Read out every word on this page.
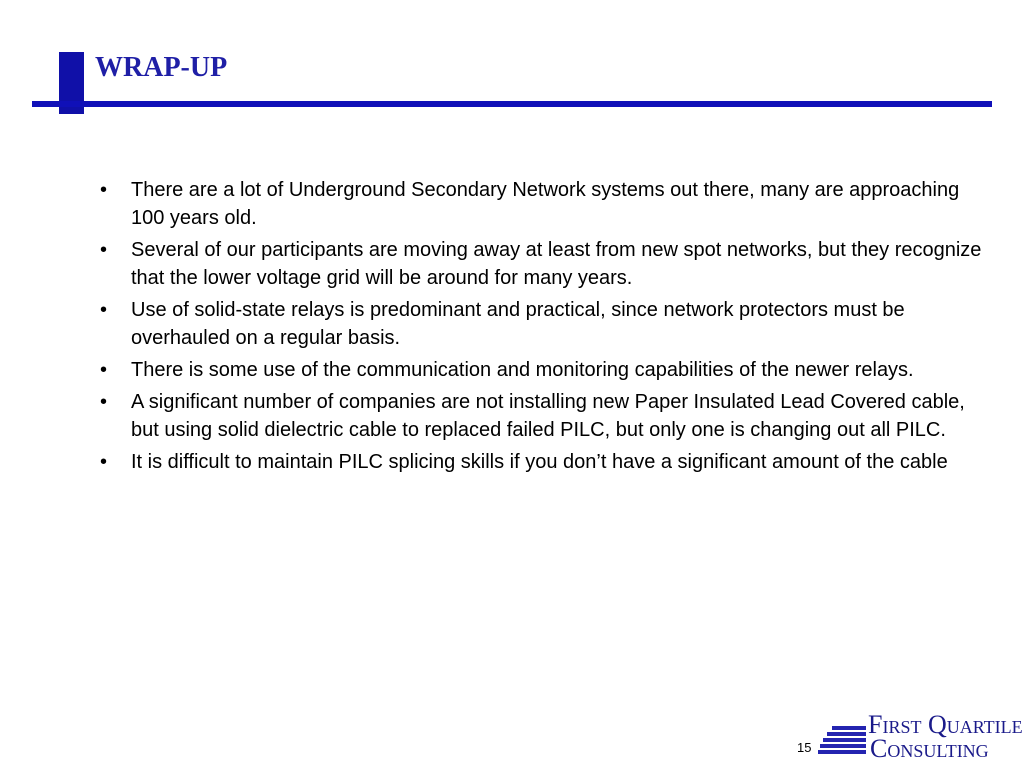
WRAP-UP
• There are a lot of Underground Secondary Network systems out there, many are approaching 100 years old.
• Several of our participants are moving away at least from new spot networks, but they recognize that the lower voltage grid will be around for many years.
• Use of solid-state relays is predominant and practical, since network protectors must be overhauled on a regular basis.
• There is some use of the communication and monitoring capabilities of the newer relays.
• A significant number of companies are not installing new Paper Insulated Lead Covered cable, but using solid dielectric cable to replaced failed PILC, but only one is changing out all PILC.
• It is difficult to maintain PILC splicing skills if you don’t have a significant amount of the cable
15
First Quartile
Consulting
